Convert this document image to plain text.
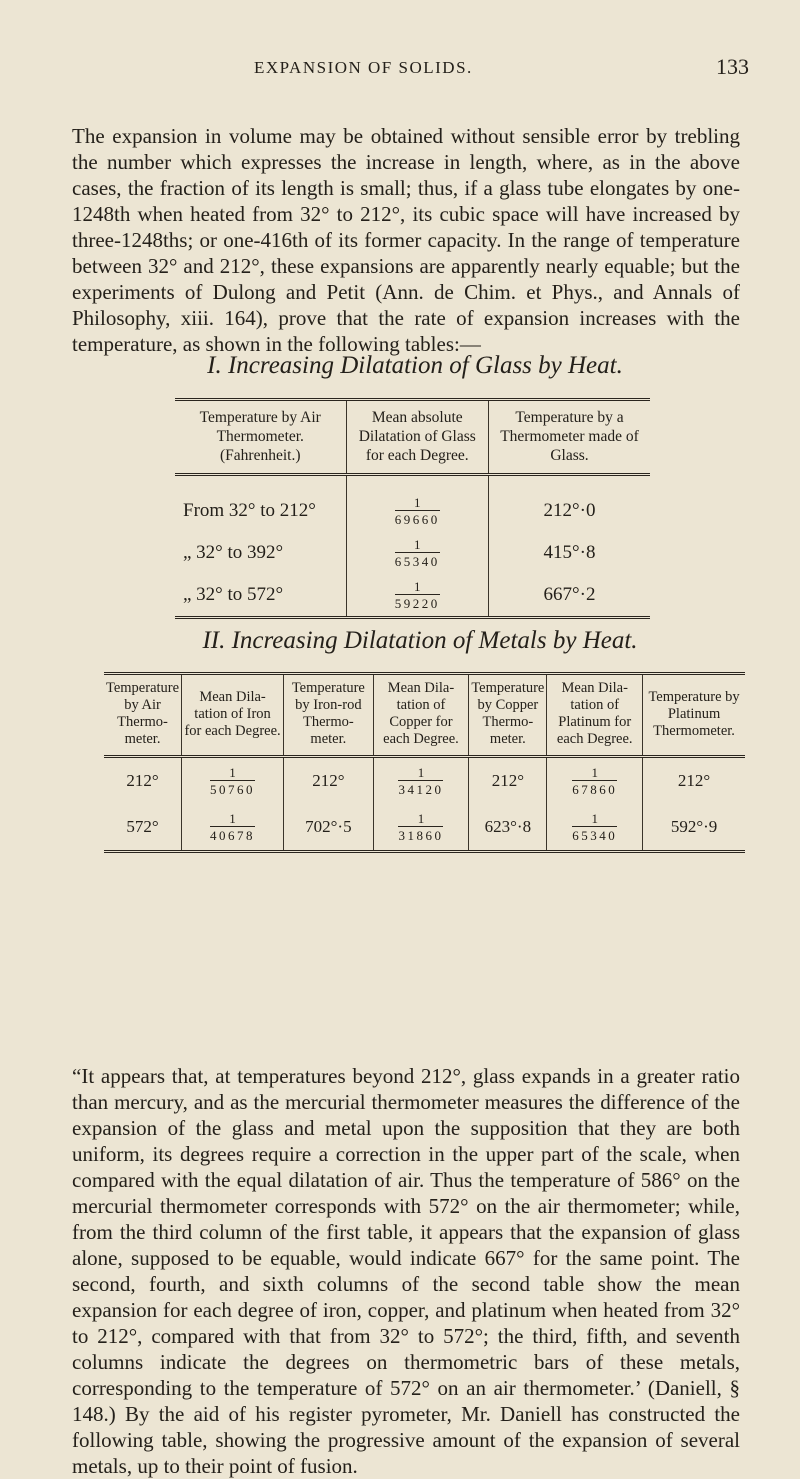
EXPANSION OF SOLIDS.	133

The expansion in volume may be obtained without sensible error by trebling the number which expresses the increase in length, where, as in the above cases, the fraction of its length is small; thus, if a glass tube elongates by one-1248th when heated from 32° to 212°, its cubic space will have increased by three-1248ths; or one-416th of its former capacity. In the range of temperature between 32° and 212°, these expansions are apparently nearly equable; but the experiments of Dulong and Petit (Ann. de Chim. et Phys., and Annals of Philosophy, xiii. 164), prove that the rate of expansion increases with the temperature, as shown in the following tables:—

I. Increasing Dilatation of Glass by Heat.
Temperature by Air Thermometer. (Fahrenheit.)	Mean absolute Dilatation of Glass for each Degree.	Temperature by a Thermometer made of Glass.

From 32° to 212°	$\frac{1}{69660}$	212°·0
„ 32° to 392°	$\frac{1}{65340}$	415°·8
„ 32° to 572°	$\frac{1}{59220}$	667°·2
II. Increasing Dilatation of Metals by Heat.
Temperature by Air Thermo-meter.	Mean Dila-tation of Iron for each Degree.	Temperature by Iron-rod Thermo-meter.	Mean Dila-tation of Copper for each Degree.	Temperature by Copper Thermo-meter.	Mean Dila-tation of Platinum for each Degree.	Temperature by Platinum Thermometer.
212°	$\frac{1}{50760}$	212°	$\frac{1}{34120}$	212°	$\frac{1}{67860}$	212°
572°	$\frac{1}{40678}$	702°·5	$\frac{1}{31860}$	623°·8	$\frac{1}{65340}$	592°·9

“It appears that, at temperatures beyond 212°, glass expands in a greater ratio than mercury, and as the mercurial thermometer measures the difference of the expansion of the glass and metal upon the supposition that they are both uniform, its degrees require a correction in the upper part of the scale, when compared with the equal dilatation of air. Thus the temperature of 586° on the mercurial thermometer corresponds with 572° on the air thermometer; while, from the third column of the first table, it appears that the expansion of glass alone, supposed to be equable, would indicate 667° for the same point. The second, fourth, and sixth columns of the second table show the mean expansion for each degree of iron, copper, and platinum when heated from 32° to 212°, compared with that from 32° to 572°; the third, fifth, and seventh columns indicate the degrees on thermometric bars of these metals, corresponding to the temperature of 572° on an air thermometer.’ (Daniell, § 148.) By the aid of his register pyrometer, Mr. Daniell has constructed the following table, showing the progressive amount of the expansion of several metals, up to their point of fusion.
